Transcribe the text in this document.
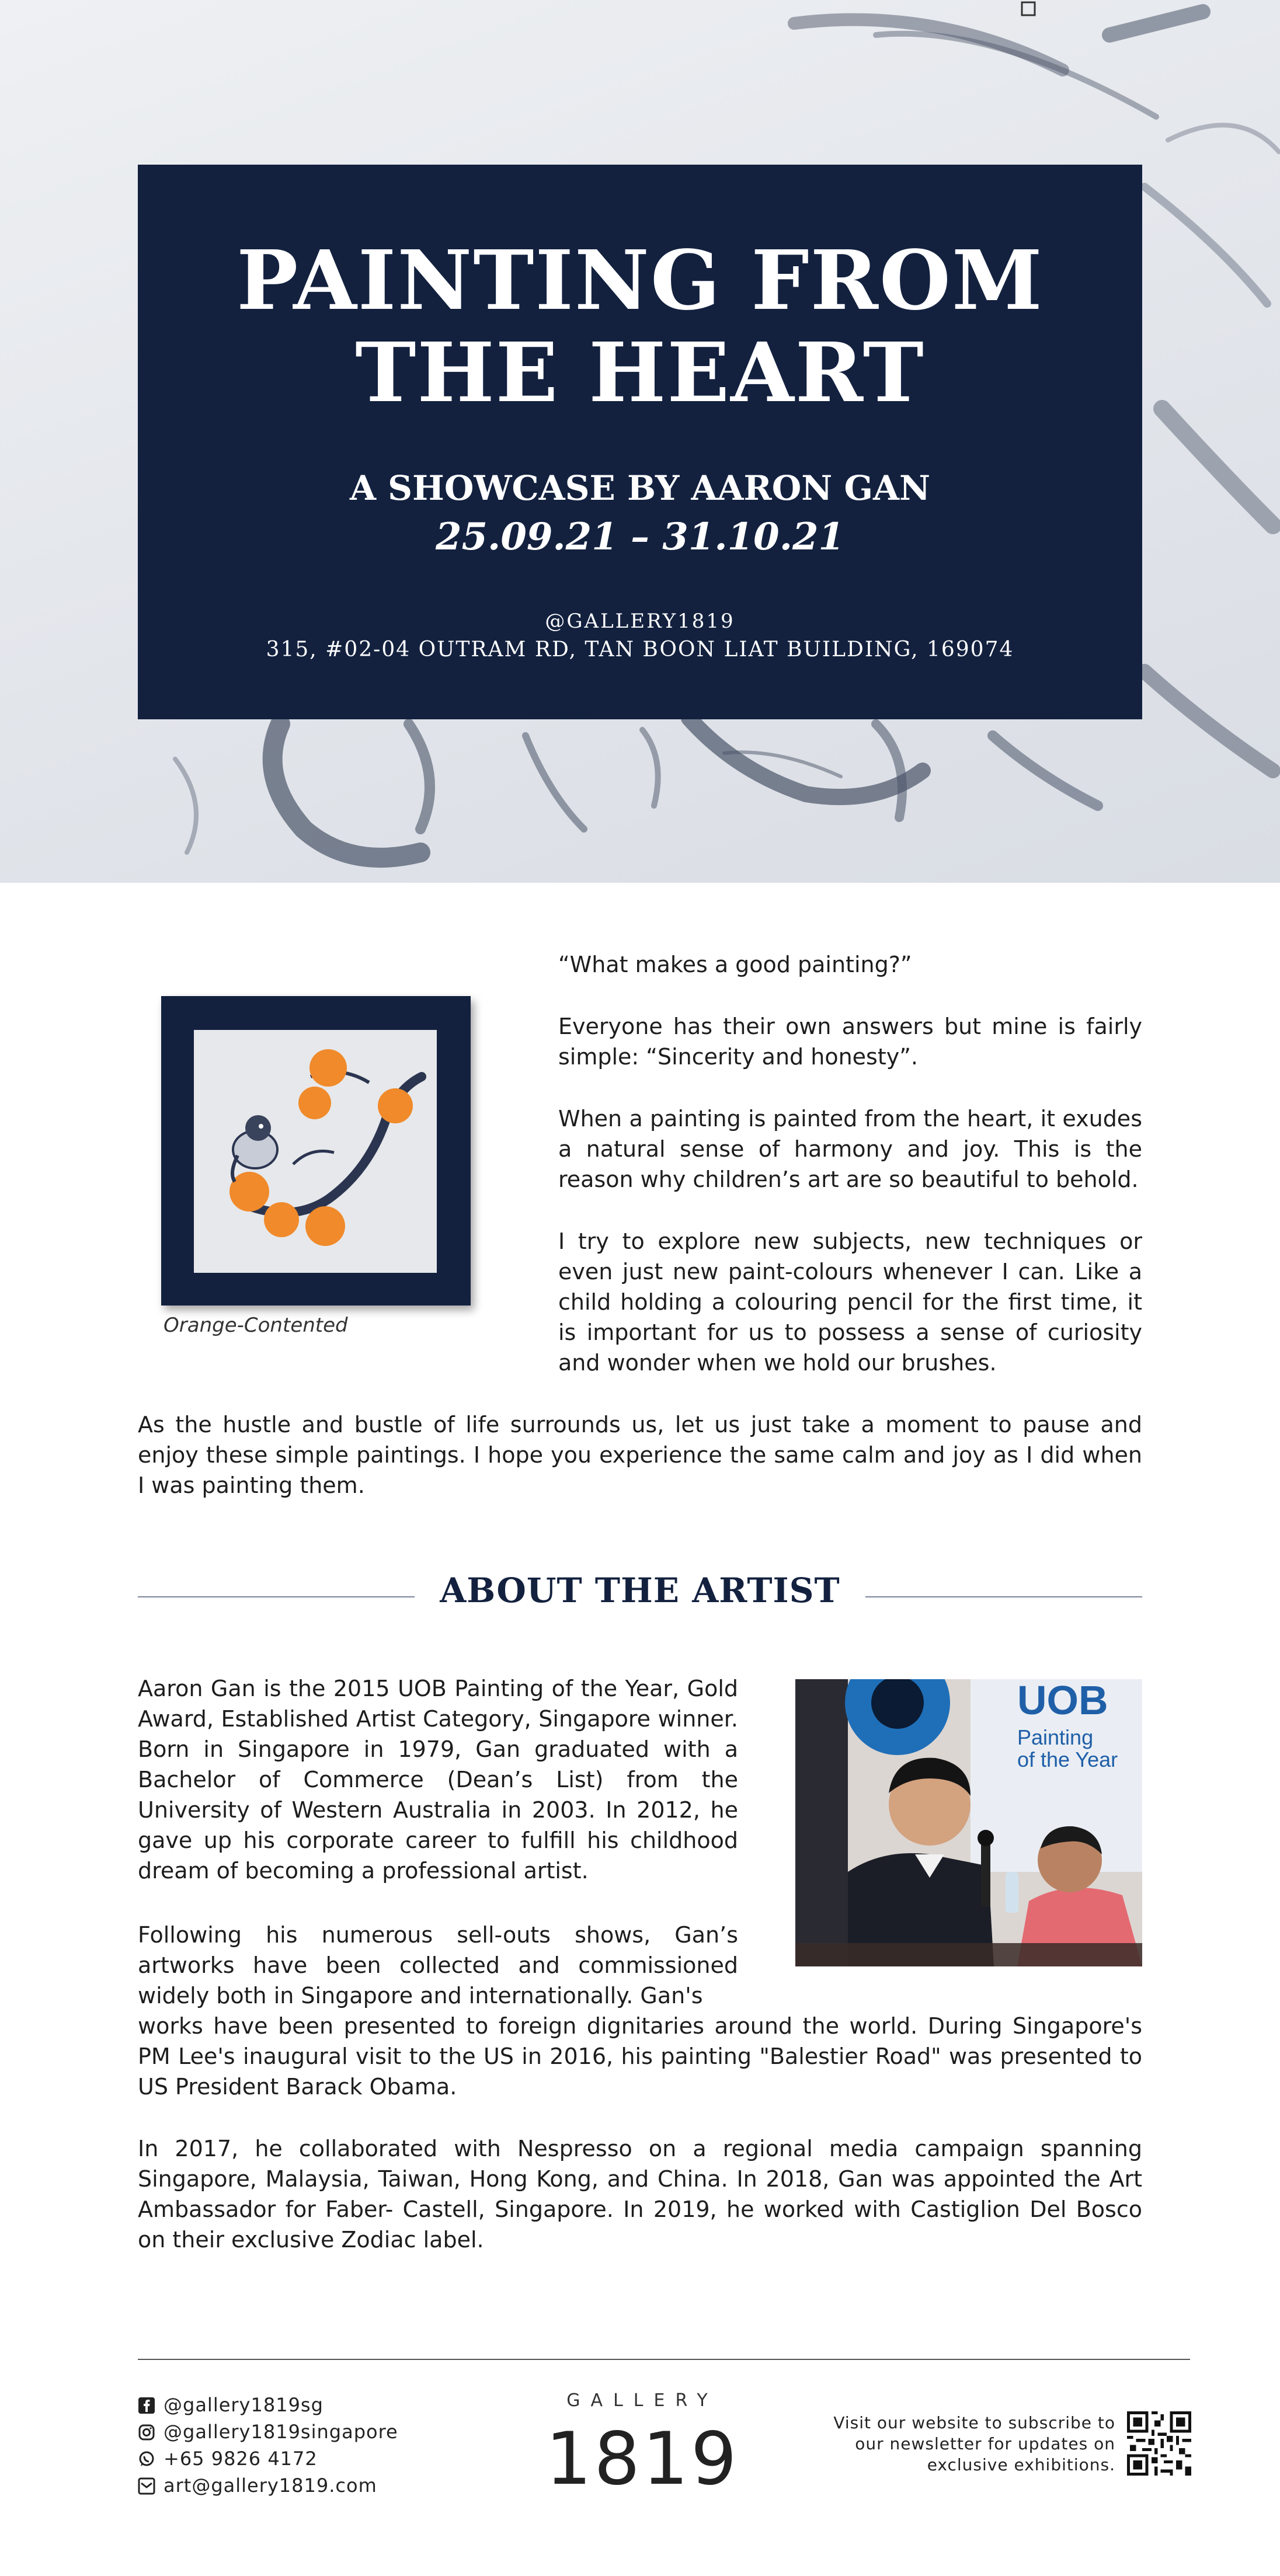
PAINTING FROM
THE HEART
A SHOWCASE BY AARON GAN
25.09.21 – 31.10.21
@GALLERY1819
315, #02-04 OUTRAM RD, TAN BOON LIAT BUILDING, 169074

“What makes a good painting?”

Everyone has their own answers but mine is fairly simple: “Sincerity and honesty”.

When a painting is painted from the heart, it exudes a natural sense of harmony and joy. This is the reason why children’s art are so beautiful to behold.

I try to explore new subjects, new techniques or even just new paint-colours whenever I can. Like a child holding a colouring pencil for the first time, it is important for us to possess a sense of curiosity and wonder when we hold our brushes.

As the hustle and bustle of life surrounds us, let us just take a moment to pause and enjoy these simple paintings. I hope you experience the same calm and joy as I did when I was painting them.

Orange-Contented
ABOUT THE ARTIST

Aaron Gan is the 2015 UOB Painting of the Year, Gold Award, Established Artist Category, Singapore winner. Born in Singapore in 1979, Gan graduated with a Bachelor of Commerce (Dean’s List) from the University of Western Australia in 2003. In 2012, he gave up his corporate career to fulfill his childhood dream of becoming a professional artist.

Following his numerous sell-outs shows, Gan’s artworks have been collected and commissioned widely both in Singapore and internationally. Gan's

works have been presented to foreign dignitaries around the world. During Singapore's PM Lee's inaugural visit to the US in 2016, his painting "Balestier Road" was presented to US President Barack Obama.

In 2017, he collaborated with Nespresso on a regional media campaign spanning Singapore, Malaysia, Taiwan, Hong Kong, and China. In 2018, Gan was appointed the Art Ambassador for Faber- Castell, Singapore. In 2019, he worked with Castiglion Del Bosco on their exclusive Zodiac label.

UOB
Painting
of the Year
@gallery1819sg
@gallery1819singapore
+65 9826 4172
art@gallery1819.com
GALLERY
1819	Visit our website to subscribe to
our newsletter for updates on
exclusive exhibitions.
